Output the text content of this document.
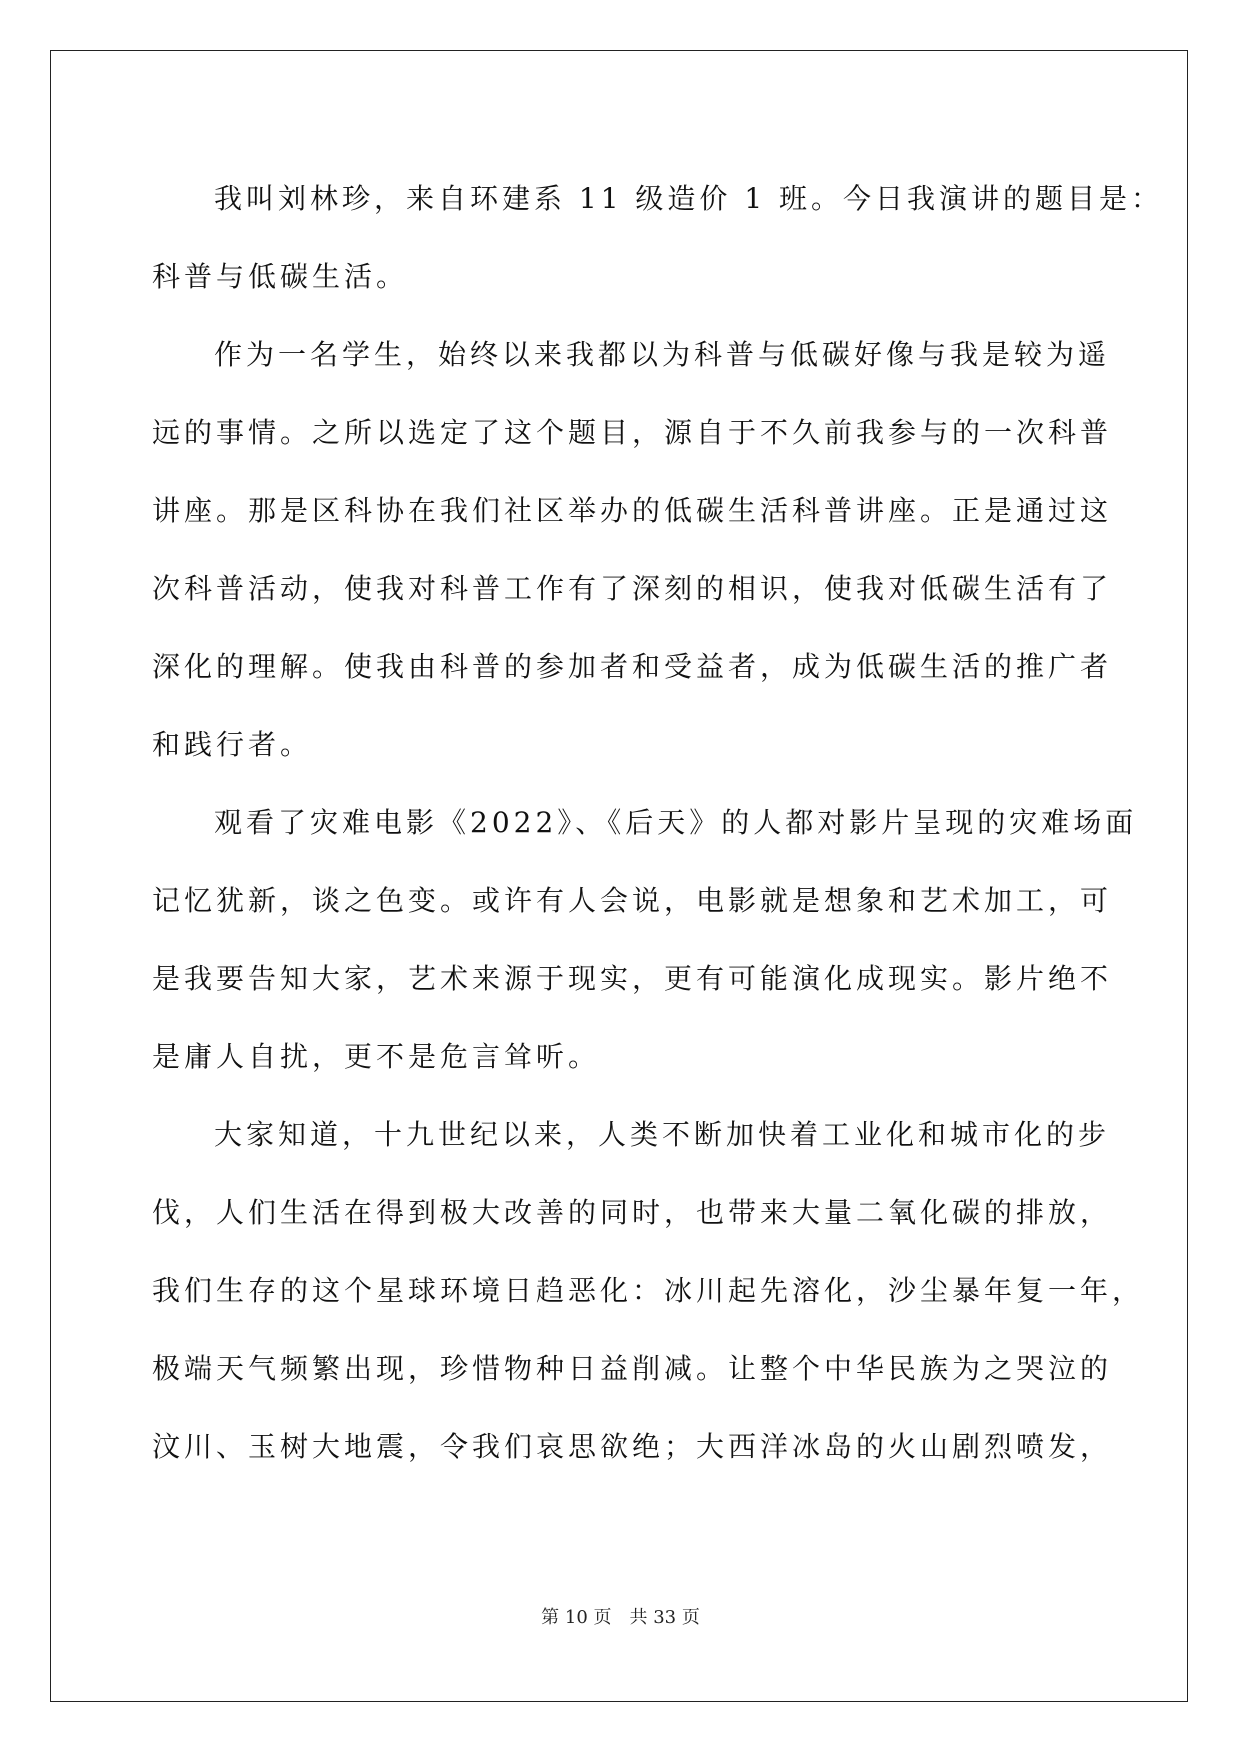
我叫刘林珍，来自环建系 11 级造价 1 班。今日我演讲的题目是：
科普与低碳生活。
作为一名学生，始终以来我都以为科普与低碳好像与我是较为遥
远的事情。之所以选定了这个题目，源自于不久前我参与的一次科普
讲座。那是区科协在我们社区举办的低碳生活科普讲座。正是通过这
次科普活动，使我对科普工作有了深刻的相识，使我对低碳生活有了
深化的理解。使我由科普的参加者和受益者，成为低碳生活的推广者
和践行者。
观看了灾难电影《2022》、《后天》的人都对影片呈现的灾难场面
记忆犹新，谈之色变。或许有人会说，电影就是想象和艺术加工，可
是我要告知大家，艺术来源于现实，更有可能演化成现实。影片绝不
是庸人自扰，更不是危言耸听。
大家知道，十九世纪以来，人类不断加快着工业化和城市化的步
伐，人们生活在得到极大改善的同时，也带来大量二氧化碳的排放，
我们生存的这个星球环境日趋恶化：冰川起先溶化，沙尘暴年复一年，
极端天气频繁出现，珍惜物种日益削减。让整个中华民族为之哭泣的
汶川、玉树大地震，令我们哀思欲绝；大西洋冰岛的火山剧烈喷发，
第 10 页　共 33 页
